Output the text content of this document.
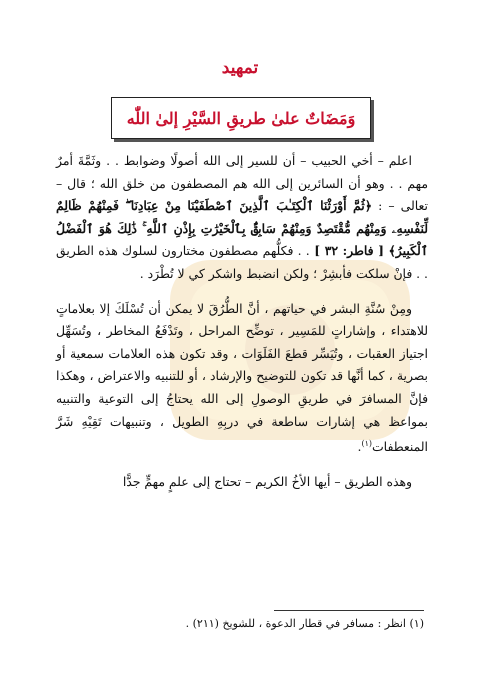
تمهيد
وَمَضَاتٌ علىٰ طريقِ السَّيْرِ إلىٰ اللّٰه

اعلم – أخي الحبيب – أن للسير إلى الله أصولًا وضوابط . . وثَمَّةَ أمرٌ مهم . . وهو أن السائرين إلى الله هم المصطفون من خلق الله ؛ قال – تعالى – : ﴿ثُمَّ أَوْرَثْنَا ٱلْكِتَـٰبَ ٱلَّذِينَ ٱصْطَفَيْنَا مِنْ عِبَادِنَا ۖ فَمِنْهُمْ ظَالِمٌ لِّنَفْسِهِۦ وَمِنْهُم مُّقْتَصِدٌ وَمِنْهُمْ سَابِقٌۢ بِٱلْخَيْرَٰتِ بِإِذْنِ ٱللَّهِ ۚ ذَٰلِكَ هُوَ ٱلْفَضْلُ ٱلْكَبِيرُ﴾ [ فاطر: ٣٢ ] . . فكلُّهم مصطفون مختارون لسلوك هذه الطريق . . فإنْ سلكت فأبشِرْ ؛ ولكن انضبط واشكر كي لا تُطْرَد .

ومِنْ سُنَّةِ البشر في حياتهم ، أنَّ الطُّرُقَ لا يمكن أن تُسْلَكَ إلا بعلاماتٍ للاهتداء ، وإشاراتٍ للمَسِير ، توضِّح المراحل ، وتَدْفَعُ المخاطر ، وتُسَهِّل اجتياز العقبات ، وتُيَسِّر قطعَ الفَلَوَات ، وقد تكون هذه العلامات سمعية أو بصرية ، كما أنَّها قد تكون للتوضيح والإرشاد ، أو للتنبيه والاعتراض ، وهكذا فإنَّ المسافرَ في طريقِ الوصولِ إلى الله يحتاجُ إلى التوعية والتنبيه بمواعظ هي إشارات ساطعة في دربِهِ الطويل ، وتنبيهات تَقِيْهِ شَرَّ المنعطفات$^{(١)}$.

وهذه الطريق – أيها الأخُ الكريم – تحتاج إلى علمٍ مهمٍّ جدًّا

(١) انظر : مسافر في قطار الدعوة ، للشويخ (٢١١) .
